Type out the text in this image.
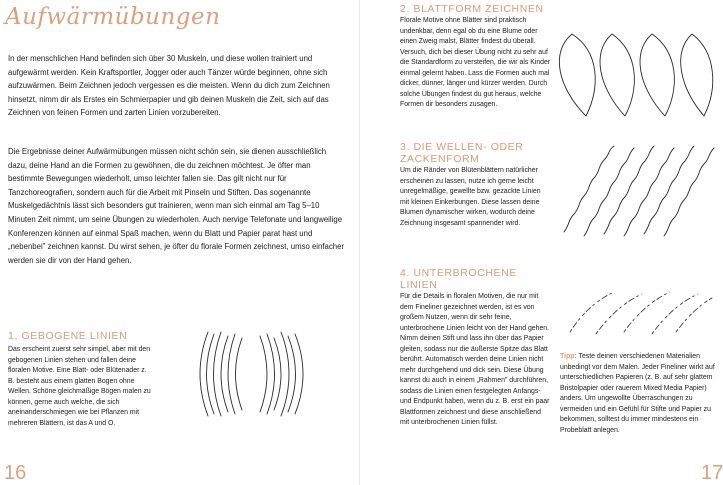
Aufwärmübungen

In der menschlichen Hand befinden sich über 30 Muskeln, und diese wollen trainiert und aufgewärmt werden. Kein Kraftsportler, Jogger oder auch Tänzer würde beginnen, ohne sich aufzuwärmen. Beim Zeichnen jedoch vergessen es die meisten. Wenn du dich zum Zeichnen hinsetzt, nimm dir als Erstes ein Schmierpapier und gib deinen Muskeln die Zeit, sich auf das Zeichnen von feinen Formen und zarten Linien vorzubereiten.

Die Ergebnisse deiner Aufwärmübungen müssen nicht schön sein, sie dienen ausschließlich dazu, deine Hand an die Formen zu gewöhnen, die du zeichnen möchtest. Je öfter man bestimmte Bewegungen wiederholt, umso leichter fallen sie. Das gilt nicht nur für Tanzchoreografien, sondern auch für die Arbeit mit Pinseln und Stiften. Das sogenannte Muskelgedächtnis lässt sich besonders gut trainieren, wenn man sich einmal am Tag 5–10 Minuten Zeit nimmt, um seine Übungen zu wiederholen. Auch nervige Telefonate und langweilige Konferenzen können auf einmal Spaß machen, wenn du Blatt und Papier parat hast und „nebenbei" zeichnen kannst. Du wirst sehen, je öfter du florale Formen zeichnest, umso einfacher werden sie dir von der Hand gehen.

1. GEBOGENE LINIEN

Das erscheint zuerst sehr simpel, aber mit den gebogenen Linien stehen und fallen deine floralen Motive. Eine Blatt- oder Blütenader z. B. besteht aus einem glatten Bogen ohne Wellen. Schöne gleichmäßige Bögen malen zu können, gerne auch welche, die sich aneinanderschmiegen wie bei Pflanzen mit mehreren Blättern, ist das A und O.

16

2. BLATTFORM ZEICHNEN

Florale Motive ohne Blätter sind praktisch undenkbar, denn egal ob du eine Blume oder einen Zweig malst, Blätter findest du überall. Versuch, dich bei dieser Übung nicht zu sehr auf die Standardform zu versteifen, die wir als Kinder einmal gelernt haben. Lass die Formen auch mal dicker, dünner, länger und kürzer werden. Durch solche Übungen findest du gut heraus, welche Formen dir besonders zusagen.

3. DIE WELLEN- ODER ZACKENFORM

Um die Ränder von Blütenblättern natürlicher erscheinen zu lassen, nutze ich gerne leicht unregelmäßige, gewellte bzw. gezackte Linien mit kleinen Einkerbungen. Diese lassen deine Blumen dynamischer wirken, wodurch deine Zeichnung insgesamt spannender wird.

4. UNTERBROCHENE LINIEN

Für die Details in floralen Motiven, die nur mit dem Fineliner gezeichnet werden, ist es von großem Nutzen, wenn dir sehr feine, unterbrochene Linien leicht von der Hand gehen. Nimm deinen Stift und lass ihn über das Papier gleiten, sodass nur die äußerste Spitze das Blatt berührt. Automatisch werden deine Linien nicht mehr durchgehend und dick sein. Diese Übung kannst du auch in einem „Rahmen" durchführen, sodass die Linien einen festgelegten Anfangs- und Endpunkt haben, wenn du z. B. erst ein paar Blattformen zeichnest und diese anschließend mit unterbrochenen Linien füllst.

17

Tipp: Teste deinen verschiedenen Materialien unbedingt vor dem Malen. Jeder Fineliner wirkt auf unterschiedlichen Papieren (z. B. auf sehr glattem Bristolpapier oder rauerem Mixed Media Papier) anders. Um ungewollte Überraschungen zu vermeiden und ein Gefühl für Stifte und Papier zu bekommen, solltest du immer mindestens ein Probeblatt anlegen.
